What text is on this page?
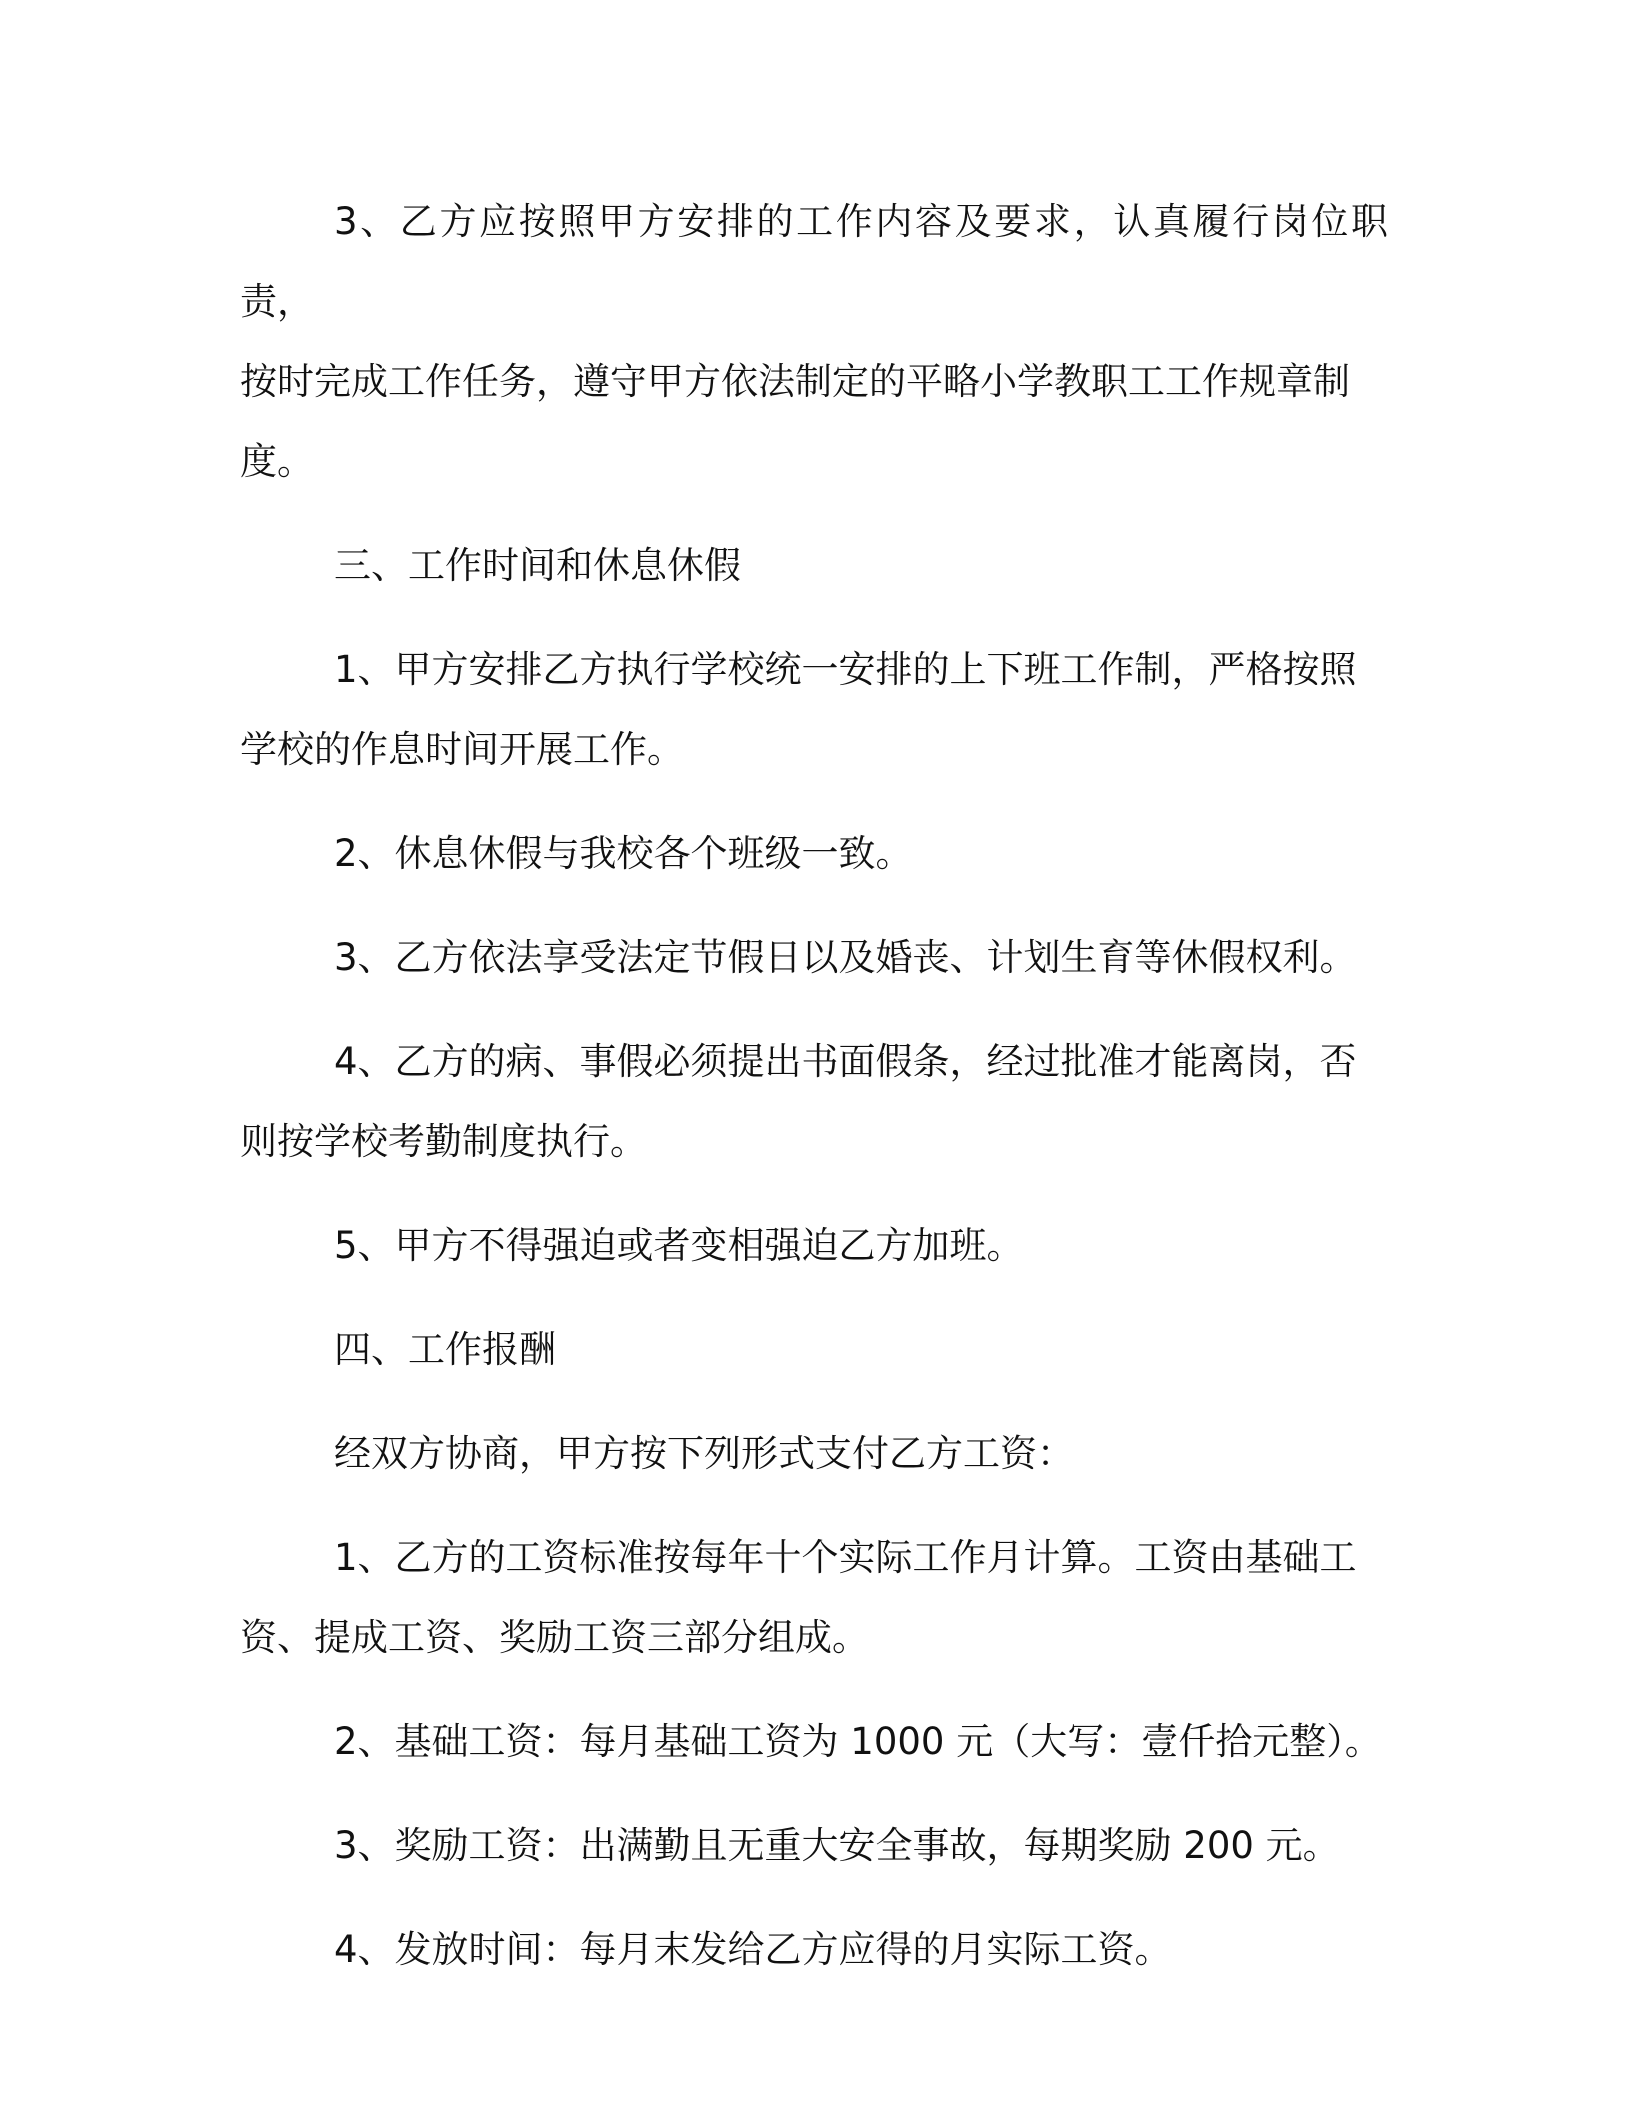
3、乙方应按照甲方安排的工作内容及要求，认真履行岗位职责，
按时完成工作任务，遵守甲方依法制定的平略小学教职工工作规章制
度。

三、工作时间和休息休假

1、甲方安排乙方执行学校统一安排的上下班工作制，严格按照
学校的作息时间开展工作。

2、休息休假与我校各个班级一致。

3、乙方依法享受法定节假日以及婚丧、计划生育等休假权利。

4、乙方的病、事假必须提出书面假条，经过批准才能离岗，否
则按学校考勤制度执行。

5、甲方不得强迫或者变相强迫乙方加班。

四、工作报酬

经双方协商，甲方按下列形式支付乙方工资：

1、乙方的工资标准按每年十个实际工作月计算。工资由基础工
资、提成工资、奖励工资三部分组成。

2、基础工资：每月基础工资为 1000 元（大写：壹仟拾元整）。

3、奖励工资：出满勤且无重大安全事故，每期奖励 200 元。

4、发放时间：每月末发给乙方应得的月实际工资。
